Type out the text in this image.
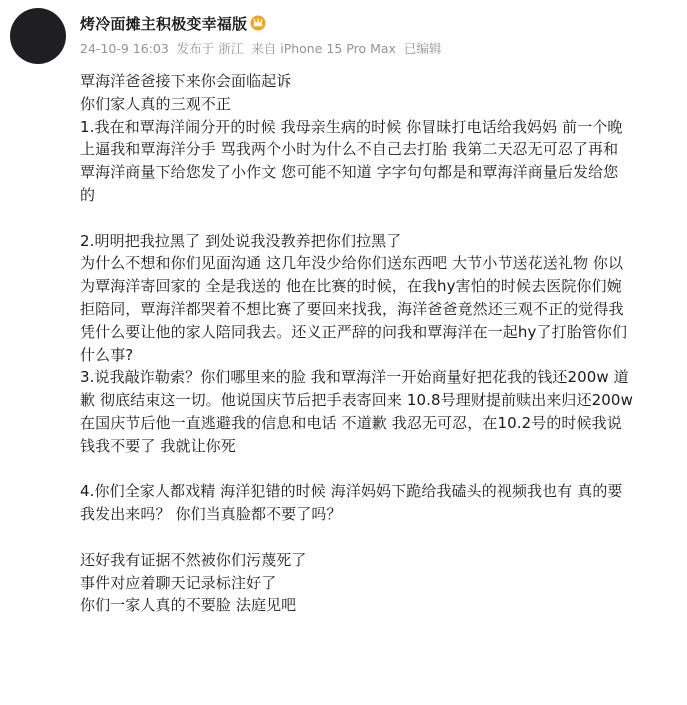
烤冷面摊主积极变幸福版
24-10-9 16:03 发布于 浙江 来自 iPhone 15 Pro Max 已编辑
覃海洋爸爸接下来你会面临起诉
你们家人真的三观不正
1.我在和覃海洋闹分开的时候 我母亲生病的时候 你冒昧打电话给我妈妈 前一个晚
上逼我和覃海洋分手 骂我两个小时为什么不自己去打胎 我第二天忍无可忍了再和
覃海洋商量下给您发了小作文 您可能不知道 字字句句都是和覃海洋商量后发给您
的
2.明明把我拉黑了 到处说我没教养把你们拉黑了
为什么不想和你们见面沟通 这几年没少给你们送东西吧 大节小节送花送礼物 你以
为覃海洋寄回家的 全是我送的 他在比赛的时候，在我hy害怕的时候去医院你们婉
拒陪同，覃海洋都哭着不想比赛了要回来找我，海洋爸爸竟然还三观不正的觉得我
凭什么要让他的家人陪同我去。还义正严辞的问我和覃海洋在一起hy了打胎管你们
什么事?
3.说我敲诈勒索？你们哪里来的脸 我和覃海洋一开始商量好把花我的钱还200w 道
歉 彻底结束这一切。他说国庆节后把手表寄回来 10.8号理财提前赎出来归还200w
在国庆节后他一直逃避我的信息和电话 不道歉 我忍无可忍，在10.2号的时候我说
钱我不要了 我就让你死
4.你们全家人都戏精 海洋犯错的时候 海洋妈妈下跪给我磕头的视频我也有 真的要
我发出来吗？ 你们当真脸都不要了吗？
还好我有证据不然被你们污蔑死了
事件对应着聊天记录标注好了
你们一家人真的不要脸 法庭见吧
